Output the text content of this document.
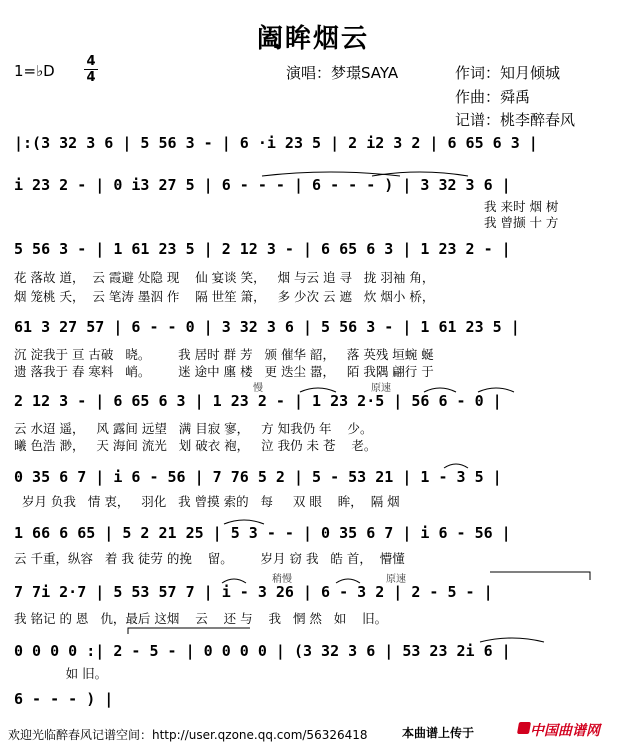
阖眸烟云
1=♭D
4
4	演唱：梦璟SAYA	作词：知月倾城
作曲：舜禹
记谱：桃李醉春风
|:(3 32 3 6 | 5 56 3 - | 6 ·i 23 5 | 2 i2 3 2 | 6 65 6 3 |
i 23 2 - | 0 i3 27 5 | 6 - - - | 6 - - - ) | 3 32 3 6 |
我 来时 烟 树
我 曾撷 十 方
5 56 3 - | 1 61 23 5 | 2 12 3 - | 6 65 6 3 | 1 23 2 - |
花 落故 道，  云 霞避 处隐 现    仙 宴谈 笑，   烟 与云 追 寻   拢 羽袖 角，
烟 笼桃 夭，  云 笔涛 墨泅 作    隔 世笙 箫，   多 少次 云 遮   炊 烟小 桥，
61 3 27 57 | 6 - - 0 | 3 32 3 6 | 5 56 3 - | 1 61 23 5 |
沉 淀我于 亘 古破   晓。       我 居时 群 芳   颁 催华 韶，   落 英残 垣蜿 蜒
遗 落我于 春 寒料   峭。       迷 途中 廛 楼   更 迭尘 嚣，   陌 我隅 翩行 于
慢	原速
2 12 3 - | 6 65 6 3 | 1 23 2 - | 1 23 2·5 | 56 6 - 0 |
云 水迢 遥，   风 露间 远望   满 目寂 寥，   方 知我仍 年    少。
曦 色浩 渺，   天 海间 流光   划 破衣 袍，   泣 我仍 未 苍    老。
0 35 6 7 | i 6 - 56 | 7 76 5 2 | 5 - 53 21 | 1 - 3 5 |
岁月 负我   情 衷，   羽化   我 曾摸 索的   每     双 眼    眸，  隔 烟
1 66 6 65 | 5 2 21 25 | 5 3 - - | 0 35 6 7 | i 6 - 56 |
云 千重，纵容   着 我 徒劳 的挽    留。       岁月 窃 我   皓 首，  懵懂
稍慢	原速
7 7i 2·7 | 5 53 57 7 | i - 3 26 | 6 - 3 2 | 2 - 5 - |
我 铭记 的 恩   仇，最后 这烟    云    还 与    我   惘 然   如    旧。
0 0 0 0 :| 2 - 5 - | 0 0 0 0 | (3 32 3 6 | 53 23 2i 6 |
如 旧。
6 - - - ) |
欢迎光临醉春风记谱空间：http://user.qzone.qq.com/56326418	本曲谱上传于	中国曲谱网
